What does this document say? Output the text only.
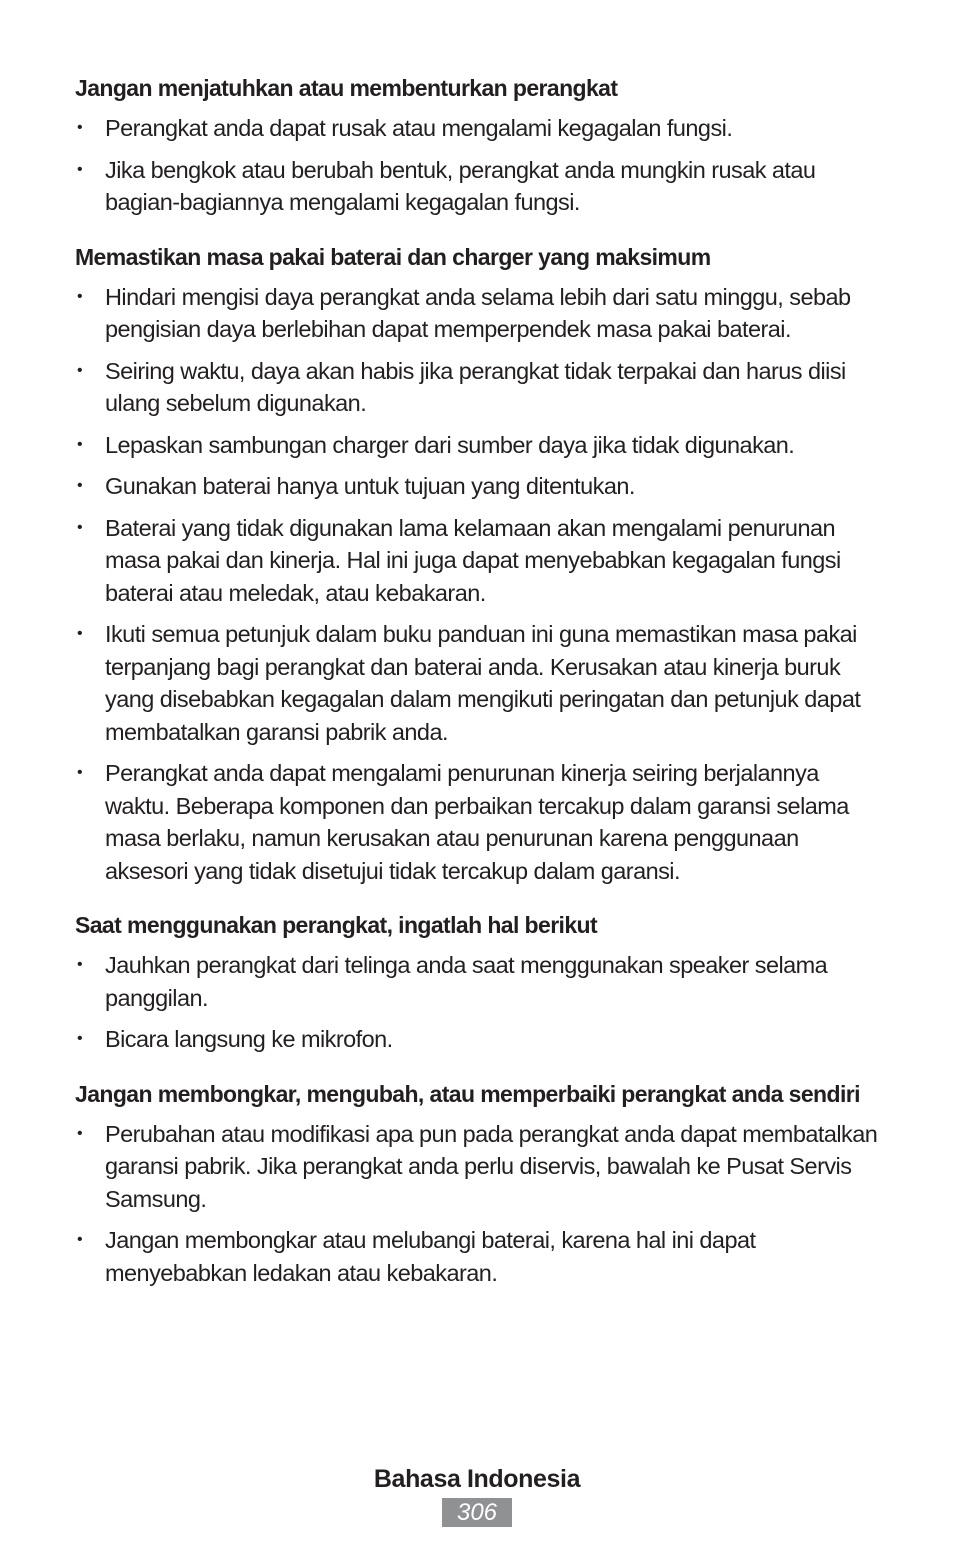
Jangan menjatuhkan atau membenturkan perangkat
• Perangkat anda dapat rusak atau mengalami kegagalan fungsi.
• Jika bengkok atau berubah bentuk, perangkat anda mungkin rusak atau bagian-bagiannya mengalami kegagalan fungsi.
Memastikan masa pakai baterai dan charger yang maksimum
• Hindari mengisi daya perangkat anda selama lebih dari satu minggu, sebab pengisian daya berlebihan dapat memperpendek masa pakai baterai.
• Seiring waktu, daya akan habis jika perangkat tidak terpakai dan harus diisi ulang sebelum digunakan.
• Lepaskan sambungan charger dari sumber daya jika tidak digunakan.
• Gunakan baterai hanya untuk tujuan yang ditentukan.
• Baterai yang tidak digunakan lama kelamaan akan mengalami penurunan masa pakai dan kinerja. Hal ini juga dapat menyebabkan kegagalan fungsi baterai atau meledak, atau kebakaran.
• Ikuti semua petunjuk dalam buku panduan ini guna memastikan masa pakai terpanjang bagi perangkat dan baterai anda. Kerusakan atau kinerja buruk yang disebabkan kegagalan dalam mengikuti peringatan dan petunjuk dapat membatalkan garansi pabrik anda.
• Perangkat anda dapat mengalami penurunan kinerja seiring berjalannya waktu. Beberapa komponen dan perbaikan tercakup dalam garansi selama masa berlaku, namun kerusakan atau penurunan karena penggunaan aksesori yang tidak disetujui tidak tercakup dalam garansi.
Saat menggunakan perangkat, ingatlah hal berikut
• Jauhkan perangkat dari telinga anda saat menggunakan speaker selama panggilan.
• Bicara langsung ke mikrofon.
Jangan membongkar, mengubah, atau memperbaiki perangkat anda sendiri
• Perubahan atau modifikasi apa pun pada perangkat anda dapat membatalkan garansi pabrik. Jika perangkat anda perlu diservis, bawalah ke Pusat Servis Samsung.
• Jangan membongkar atau melubangi baterai, karena hal ini dapat menyebabkan ledakan atau kebakaran.
Bahasa Indonesia
306
